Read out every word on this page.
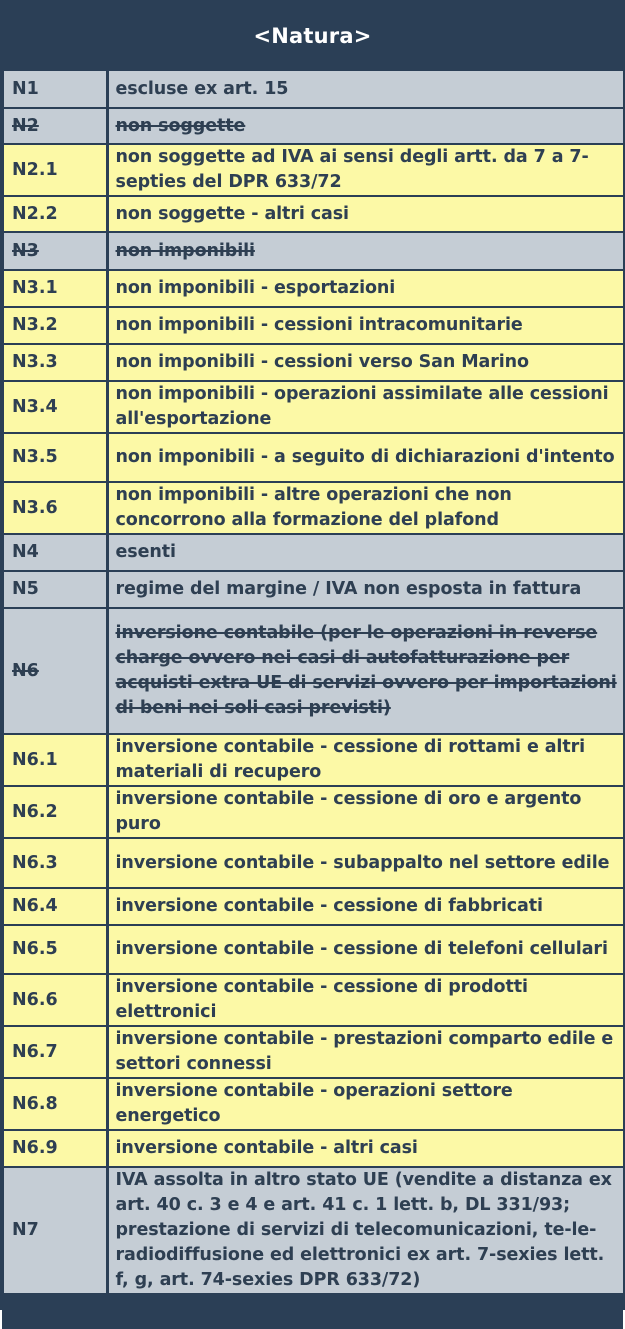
<Natura>
N1	escluse ex art. 15
N2	non soggette
N2.1	non soggette ad IVA ai sensi degli artt. da 7 a 7-septies del DPR 633/72
N2.2	non soggette - altri casi
N3	non imponibili
N3.1	non imponibili - esportazioni
N3.2	non imponibili - cessioni intracomunitarie
N3.3	non imponibili - cessioni verso San Marino
N3.4	non imponibili - operazioni assimilate alle cessioni all'esportazione
N3.5	non imponibili - a seguito di dichiarazioni d'intento
N3.6	non imponibili - altre operazioni che non concorrono alla formazione del plafond
N4	esenti
N5	regime del margine / IVA non esposta in fattura
N6	inversione contabile (per le operazioni in reverse charge ovvero nei casi di autofatturazione per acquisti extra UE di servizi ovvero per importazioni di beni nei soli casi previsti)
N6.1	inversione contabile - cessione di rottami e altri materiali di recupero
N6.2	inversione contabile - cessione di oro e argento puro
N6.3	inversione contabile - subappalto nel settore edile
N6.4	inversione contabile - cessione di fabbricati
N6.5	inversione contabile - cessione di telefoni cellulari
N6.6	inversione contabile - cessione di prodotti elettronici
N6.7	inversione contabile - prestazioni comparto edile e settori connessi
N6.8	inversione contabile - operazioni settore energetico
N6.9	inversione contabile - altri casi
N7	IVA assolta in altro stato UE (vendite a distanza ex art. 40 c. 3 e 4 e art. 41 c. 1 lett. b, DL 331/93; prestazione di servizi di telecomunicazioni, te-le-radiodiffusione ed elettronici ex art. 7-sexies lett. f, g, art. 74-sexies DPR 633/72)
